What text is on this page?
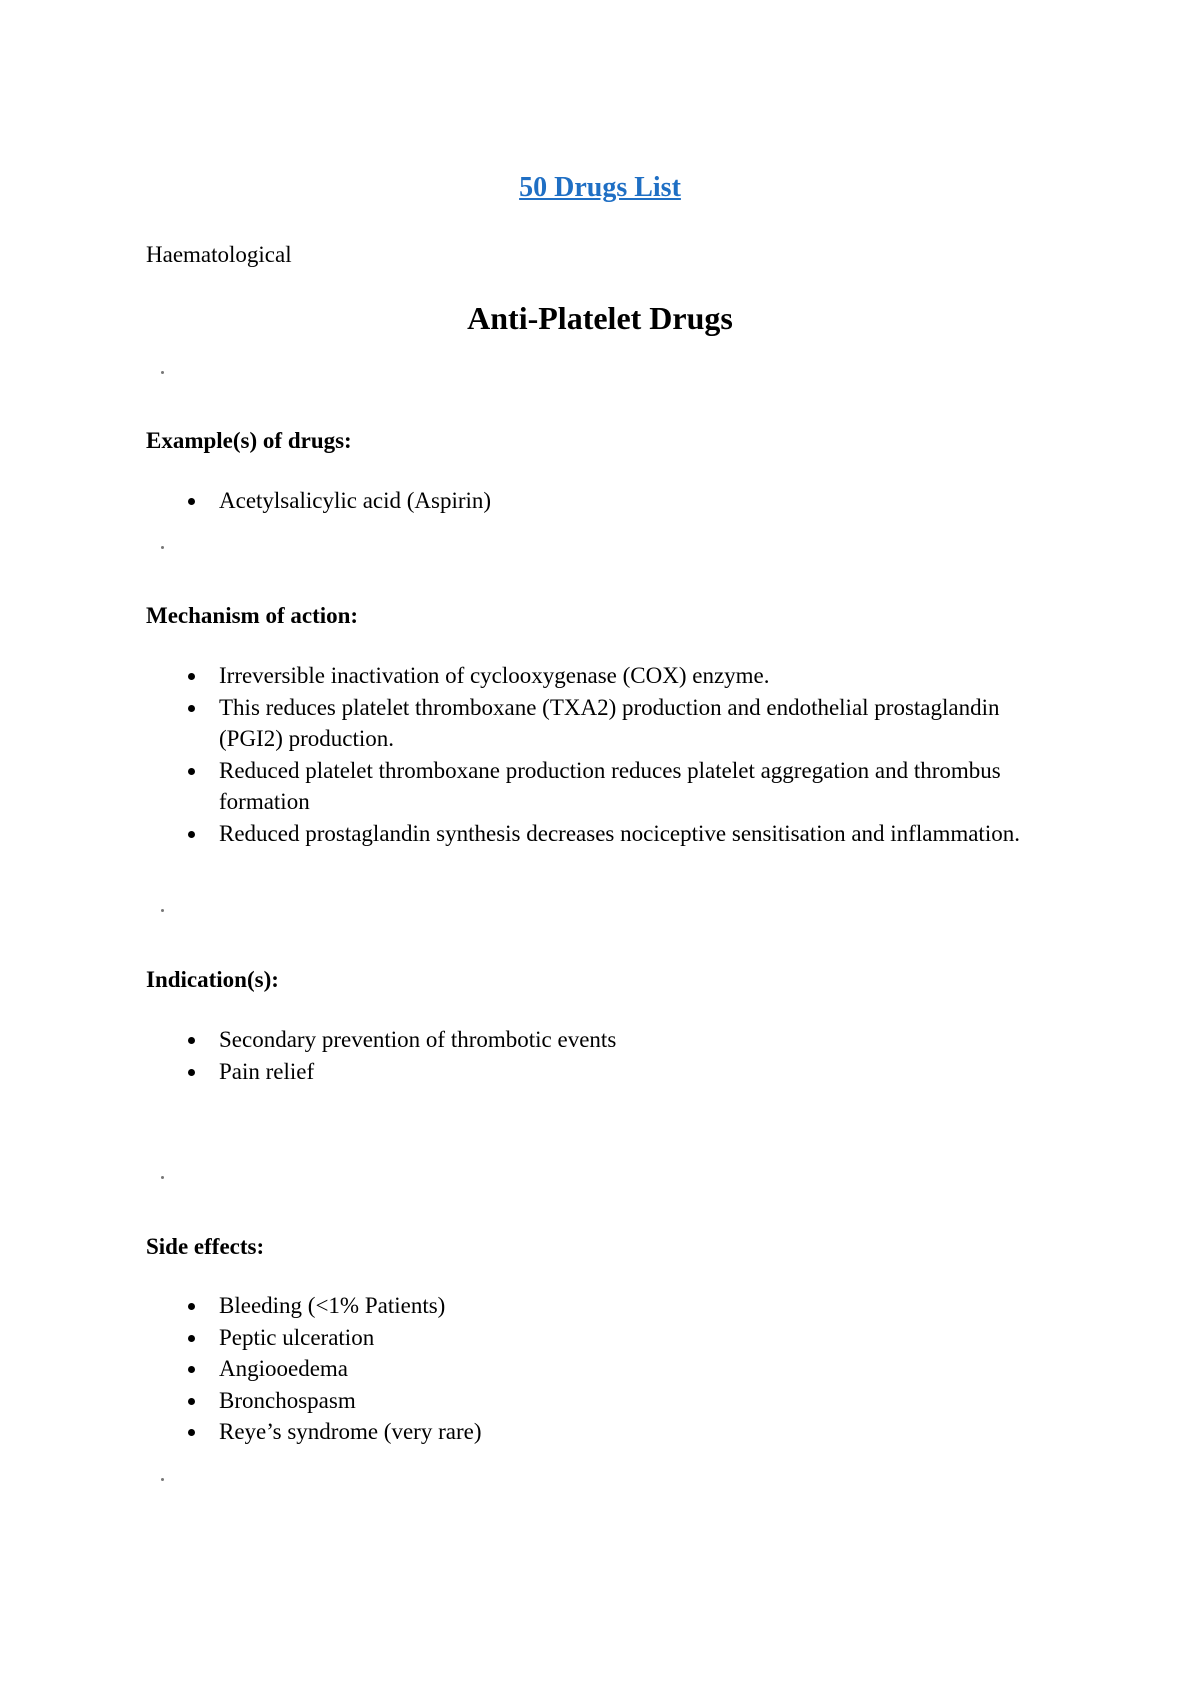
50 Drugs List

Haematological

Anti-Platelet Drugs

Example(s) of drugs:

Acetylsalicylic acid (Aspirin)

Mechanism of action:

Irreversible inactivation of cyclooxygenase (COX) enzyme.
This reduces platelet thromboxane (TXA2) production and endothelial prostaglandin (PGI2) production.
Reduced platelet thromboxane production reduces platelet aggregation and thrombus formation
Reduced prostaglandin synthesis decreases nociceptive sensitisation and inflammation.

Indication(s):

Secondary prevention of thrombotic events
Pain relief

Side effects:

Bleeding (<1% Patients)
Peptic ulceration
Angiooedema
Bronchospasm
Reye’s syndrome (very rare)
